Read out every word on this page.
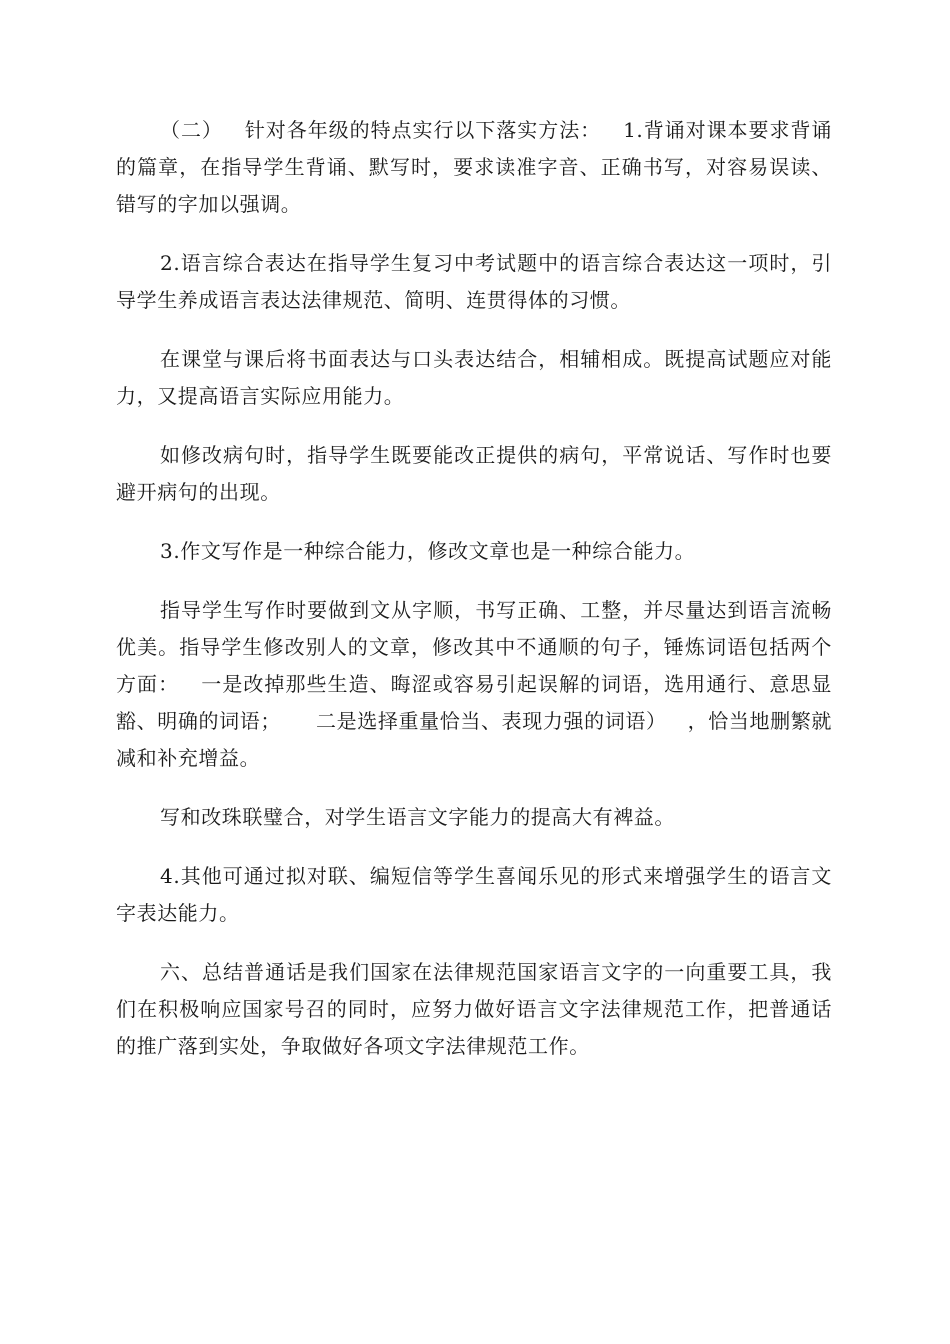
（二）   针对各年级的特点实行以下落实方法：   1.背诵对课本要求背诵的篇章，在指导学生背诵、默写时，要求读准字音、正确书写，对容易误读、错写的字加以强调。

2.语言综合表达在指导学生复习中考试题中的语言综合表达这一项时，引导学生养成语言表达法律规范、简明、连贯得体的习惯。

在课堂与课后将书面表达与口头表达结合，相辅相成。既提高试题应对能力，又提高语言实际应用能力。

如修改病句时，指导学生既要能改正提供的病句，平常说话、写作时也要避开病句的出现。

3.作文写作是一种综合能力，修改文章也是一种综合能力。

指导学生写作时要做到文从字顺，书写正确、工整，并尽量达到语言流畅优美。指导学生修改别人的文章，修改其中不通顺的句子，锤炼词语包括两个方面：   一是改掉那些生造、晦涩或容易引起误解的词语，选用通行、意思显豁、明确的词语；     二是选择重量恰当、表现力强的词语）   ，恰当地删繁就减和补充增益。

写和改珠联璧合，对学生语言文字能力的提高大有裨益。

4.其他可通过拟对联、编短信等学生喜闻乐见的形式来增强学生的语言文字表达能力。

六、总结普通话是我们国家在法律规范国家语言文字的一向重要工具，我们在积极响应国家号召的同时，应努力做好语言文字法律规范工作，把普通话的推广落到实处，争取做好各项文字法律规范工作。
